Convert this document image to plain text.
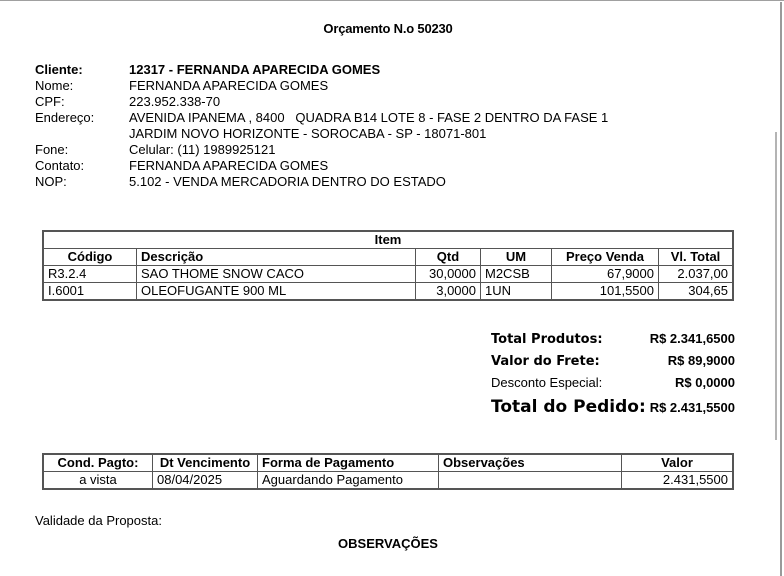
Orçamento N.o 50230
Cliente:	12317 - FERNANDA APARECIDA GOMES
Nome:	FERNANDA APARECIDA GOMES
CPF:	223.952.338-70
Endereço:	AVENIDA IPANEMA , 8400   QUADRA B14 LOTE 8 - FASE 2 DENTRO DA FASE 1
JARDIM NOVO HORIZONTE - SOROCABA - SP - 18071-801
Fone:	Celular: (11) 1989925121
Contato:	FERNANDA APARECIDA GOMES
NOP:	5.102 - VENDA MERCADORIA DENTRO DO ESTADO
Item					
Código	Descrição	Qtd	UM	Preço Venda	Vl. Total
R3.2.4	SAO THOME SNOW CACO	30,0000	M2CSB	67,9000	2.037,00
I.6001	OLEOFUGANTE 900 ML	3,0000	1UN	101,5500	304,65
Total Produtos:	R$ 2.341,6500
Valor do Frete:	R$ 89,9000
Desconto Especial:	R$ 0,0000
Total do Pedido: R$ 2.431,5500
Cond. Pagto:	Dt Vencimento	Forma de Pagamento	Observações	Valor
a vista	08/04/2025	Aguardando Pagamento		2.431,5500
Validade da Proposta:
OBSERVAÇÕES
